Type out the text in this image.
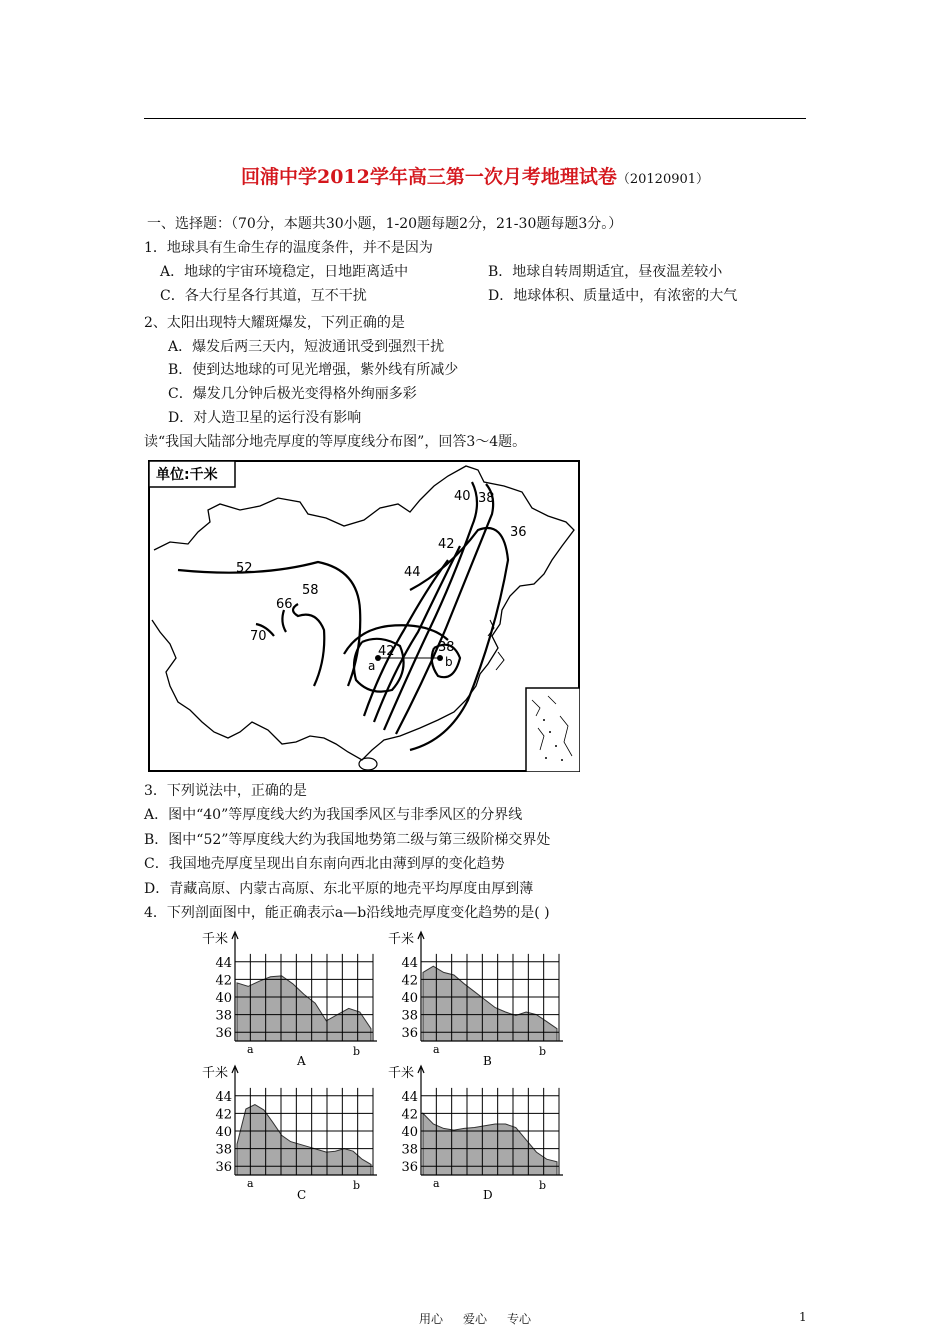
回浦中学2012学年高三第一次月考地理试卷（20120901）
一、选择题：（70分，本题共30小题，1-20题每题2分，21-30题每题3分。）
1．地球具有生命生存的温度条件，并不是因为
A．地球的宇宙环境稳定，日地距离适中	B．地球自转周期适宜，昼夜温差较小
C．各大行星各行其道，互不干扰	D．地球体积、质量适中，有浓密的大气
2、太阳出现特大耀斑爆发，下列正确的是
A．爆发后两三天内，短波通讯受到强烈干扰
B．使到达地球的可见光增强，紫外线有所减少
C．爆发几分钟后极光变得格外绚丽多彩
D．对人造卫星的运行没有影响
读“我国大陆部分地壳厚度的等厚度线分布图”，回答3～4题。
单位:千米
40 38
36
42
44
52
58
66
70
42	38
a	b
3．下列说法中，正确的是
A．图中“40”等厚度线大约为我国季风区与非季风区的分界线
B．图中“52”等厚度线大约为我国地势第二级与第三级阶梯交界处
C．我国地壳厚度呈现出自东南向西北由薄到厚的变化趋势
D．青藏高原、内蒙古高原、东北平原的地壳平均厚度由厚到薄
4．下列剖面图中，能正确表示a—b沿线地壳厚度变化趋势的是( )
千米
44
42
40
38
36
a	b
A
千米
44
42
40
38
36
a	b
B
千米
44
42
40
38
36
a	b
C
千米
44
42
40
38
36
a	b
D
用心 爱心 专心	1
